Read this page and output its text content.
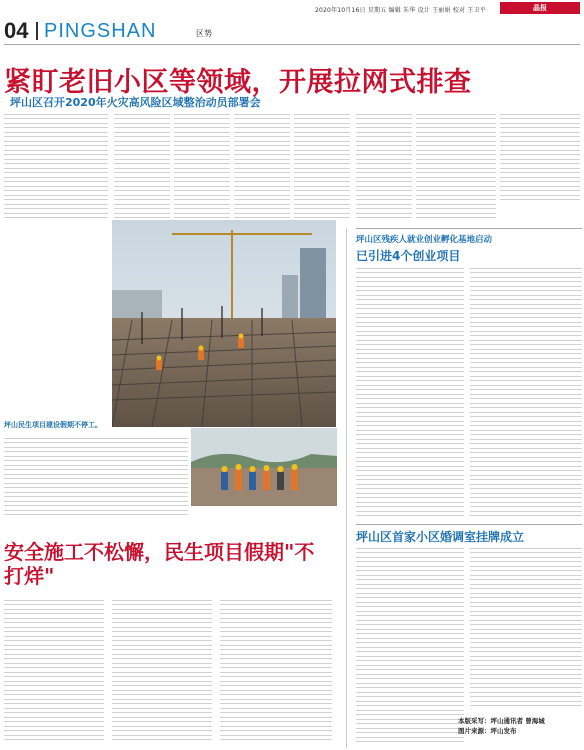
2020年10月16日 星期五 编辑 朱华 设计 王丽娟 校对 王卫平	晶报
04 PINGSHAN	区势
紧盯老旧小区等领域，开展拉网式排查
坪山区召开2020年火灾高风险区域整治动员部署会
坪山民生项目建设假期不停工。
安全施工不松懈，民生项目假期"不打烊"
坪山区残疾人就业创业孵化基地启动
已引进4个创业项目
坪山区首家小区婚调室挂牌成立
本版采写：坪山通讯者 曾海城
图片来源：坪山发布
